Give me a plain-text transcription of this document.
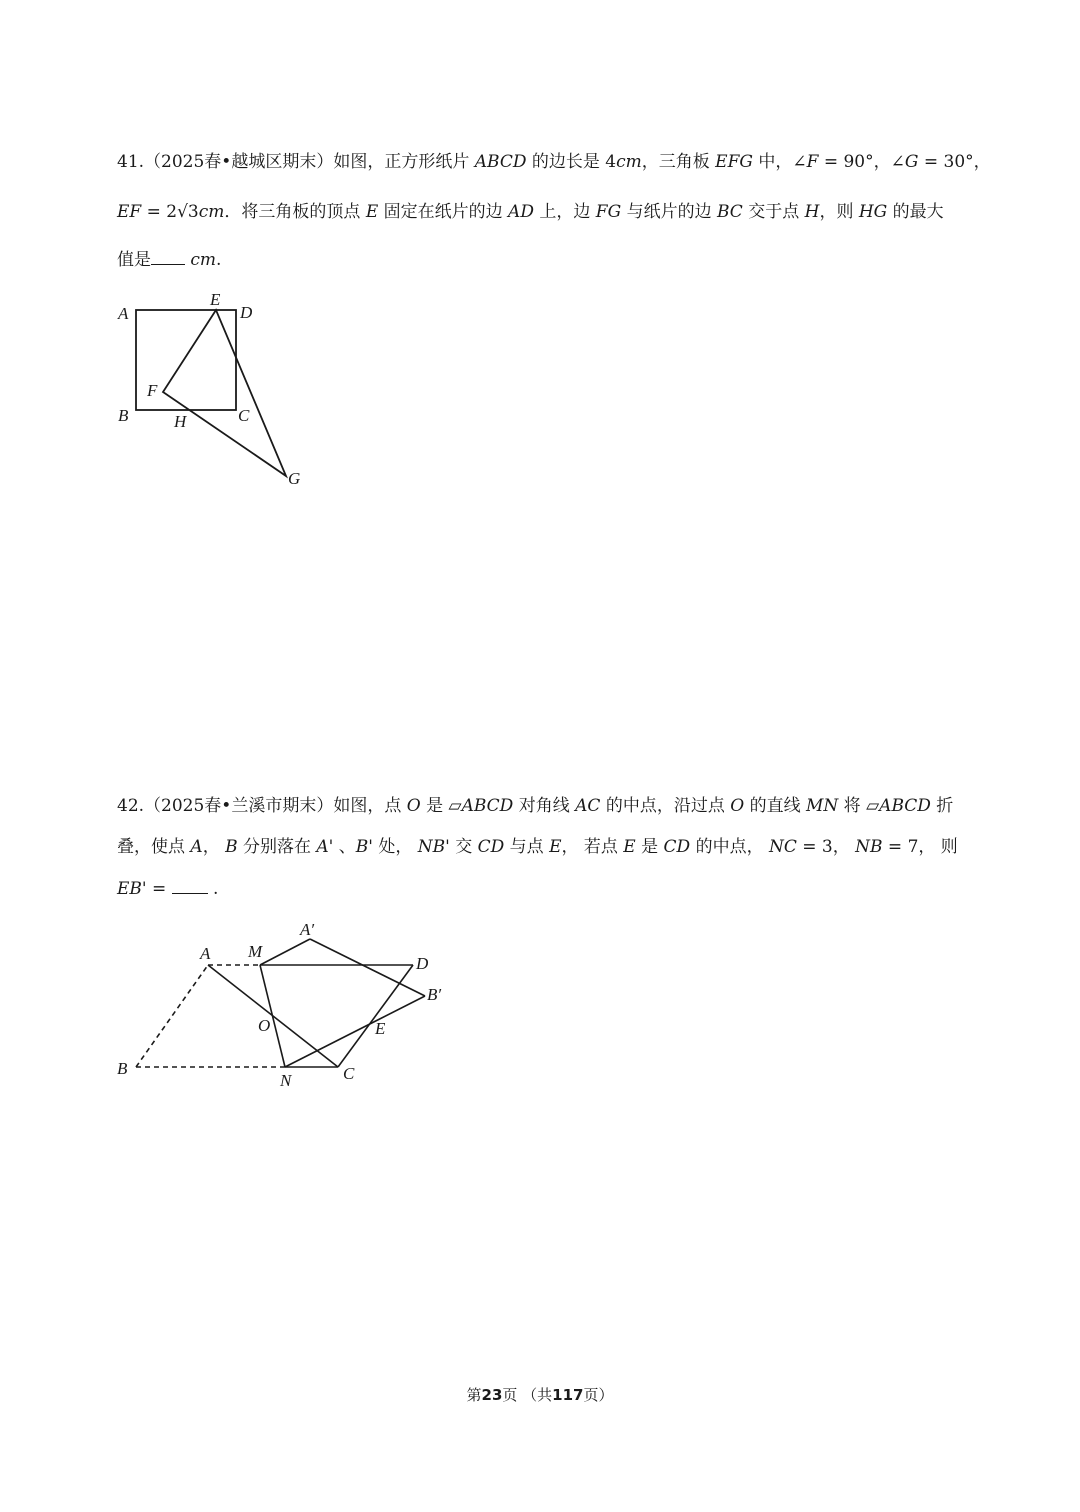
41.（2025春•越城区期末）如图，正方形纸片 ABCD 的边长是 4cm，三角板 EFG 中，∠F = 90°，∠G = 30°，
EF = 2√3cm．将三角板的顶点 E 固定在纸片的边 AD 上，边 FG 与纸片的边 BC 交于点 H，则 HG 的最大
值是 cm.
A
E
D
F
B	H	C
G
42.（2025春•兰溪市期末）如图，点 O 是 ▱ABCD 对角线 AC 的中点，沿过点 O 的直线 MN 将 ▱ABCD 折
叠，使点 A， B 分别落在 A' 、B' 处， NB' 交 CD 与点 E， 若点 E 是 CD 的中点， NC = 3， NB = 7， 则
EB' =  .
A M
A′
D
B′
E
O
B
N	C
第23页 （共117页）
